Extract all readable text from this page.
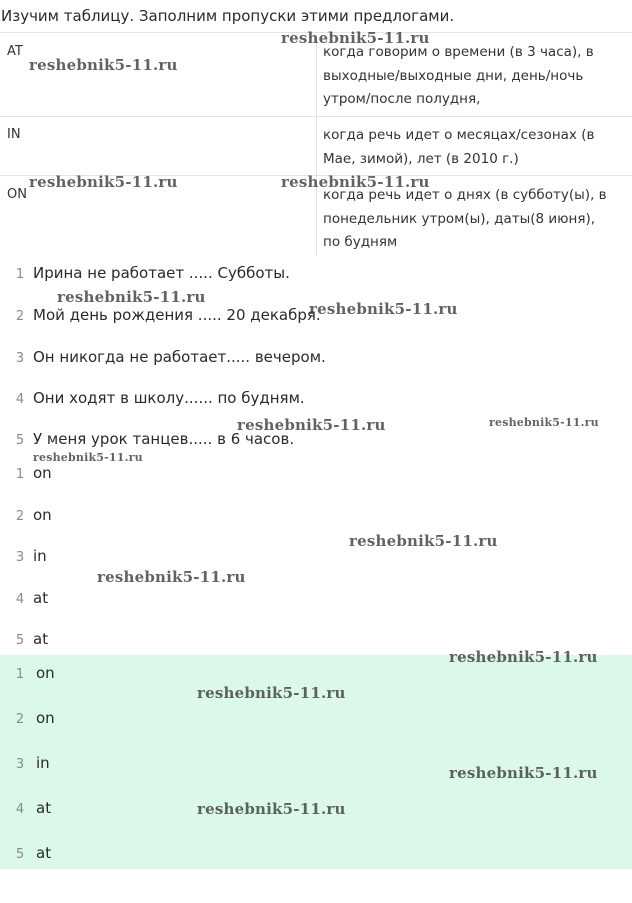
Изучим таблицу. Заполним пропуски этими предлогами.
AT	когда говорим о времени (в 3 часа), в выходные/выходные дни, день/ночь утром/после полудня,
IN	когда речь идет о месяцах/сезонах (в Мае, зимой), лет (в 2010 г.)
ON	когда речь идет о днях (в субботу(ы), в понедельник утром(ы), даты(8 июня), по будням
1 Ирина не работает ..... Субботы.
2 Мой день рождения ..... 20 декабря.
3 Он никогда не работает..... вечером.
4 Они ходят в школу...... по будням.
5 У меня урок танцев..... в 6 часов.
1 on
2 on
3 in
4 at
5 at
1 on
2 on
3 in
4 at
5 at
reshebnik5-11.ru
reshebnik5-11.ru
reshebnik5-11.ru	reshebnik5-11.ru
reshebnik5-11.ru
reshebnik5-11.ru
reshebnik5-11.ru	reshebnik5-11.ru
reshebnik5-11.ru
reshebnik5-11.ru
reshebnik5-11.ru
reshebnik5-11.ru
reshebnik5-11.ru
reshebnik5-11.ru
reshebnik5-11.ru
